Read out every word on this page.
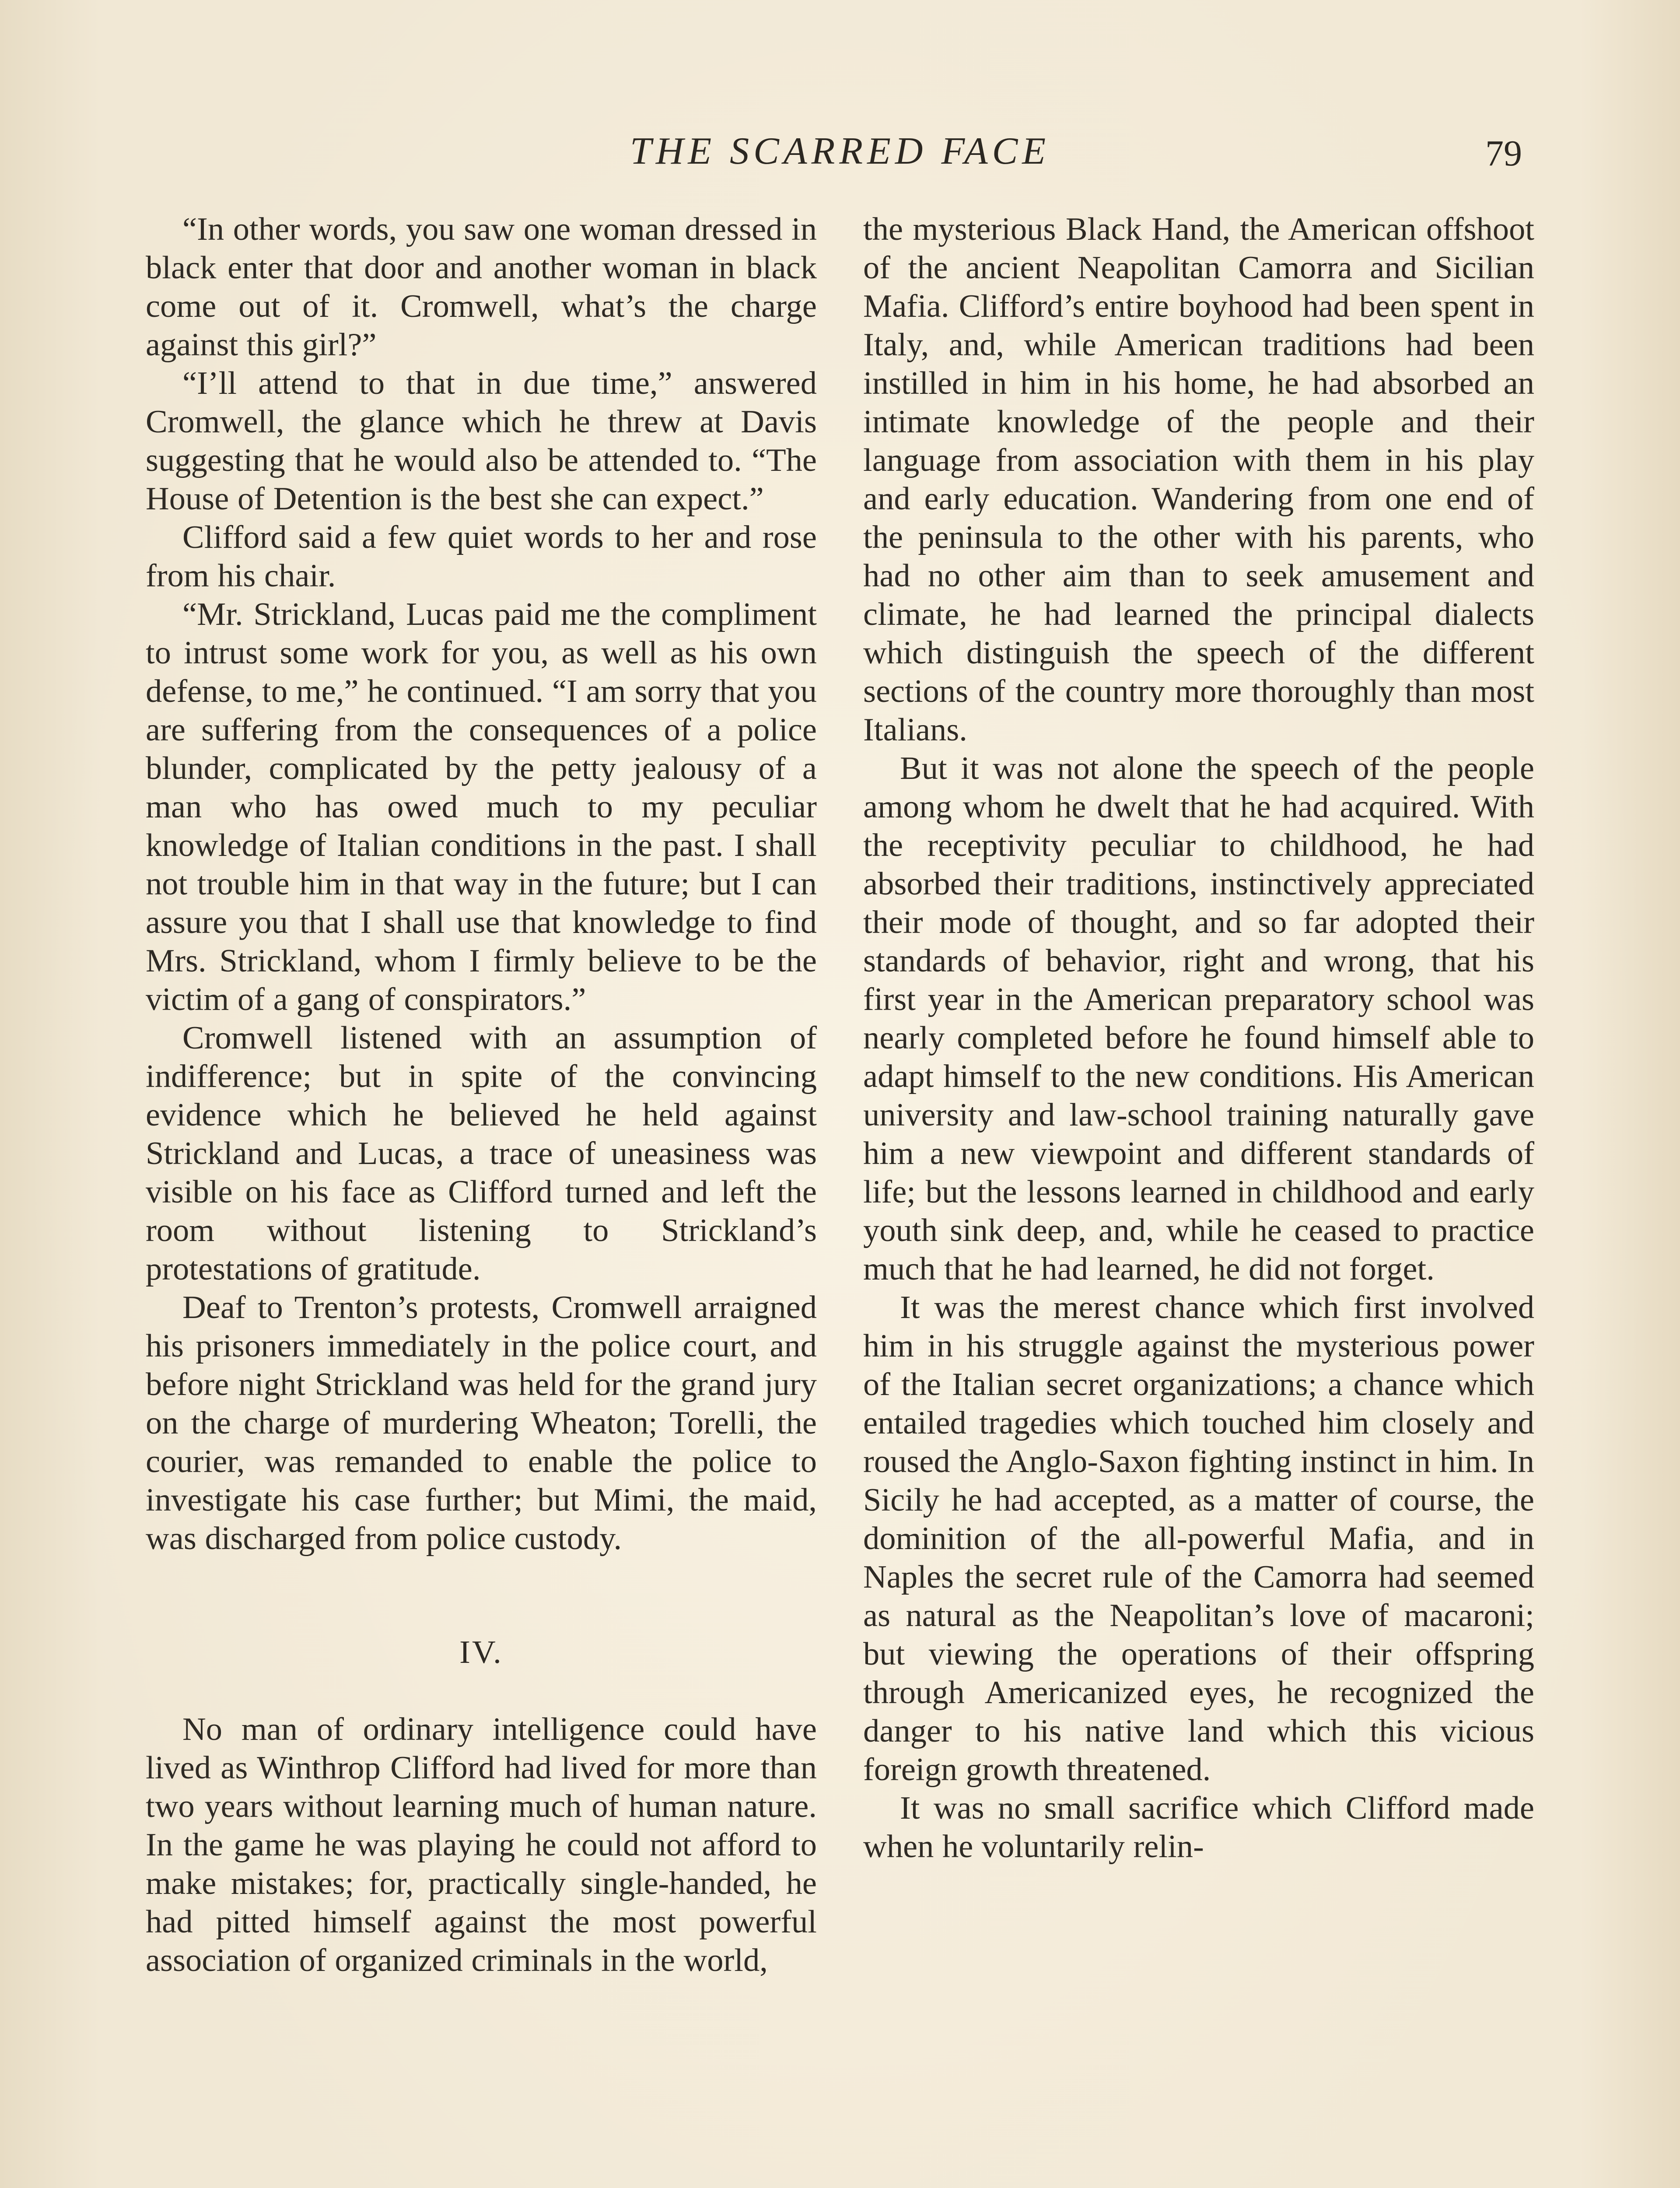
THE SCARRED FACE	79

“In other words, you saw one woman dressed in black enter that door and another woman in black come out of it. Cromwell, what’s the charge against this girl?”

“I’ll attend to that in due time,” answered Cromwell, the glance which he threw at Davis suggesting that he would also be attended to. “The House of Detention is the best she can expect.”

Clifford said a few quiet words to her and rose from his chair.

“Mr. Strickland, Lucas paid me the compliment to intrust some work for you, as well as his own defense, to me,” he continued. “I am sorry that you are suffering from the consequences of a police blunder, complicated by the petty jealousy of a man who has owed much to my peculiar knowledge of Italian conditions in the past. I shall not trouble him in that way in the future; but I can assure you that I shall use that knowledge to find Mrs. Strickland, whom I firmly believe to be the victim of a gang of conspirators.”

Cromwell listened with an assumption of indifference; but in spite of the convincing evidence which he believed he held against Strickland and Lucas, a trace of uneasiness was visible on his face as Clifford turned and left the room without listening to Strickland’s protestations of gratitude.

Deaf to Trenton’s protests, Cromwell arraigned his prisoners immediately in the police court, and before night Strickland was held for the grand jury on the charge of murdering Wheaton; Torelli, the courier, was remanded to enable the police to investigate his case further; but Mimi, the maid, was discharged from police custody.

IV.

No man of ordinary intelligence could have lived as Winthrop Clifford had lived for more than two years without learning much of human nature. In the game he was playing he could not afford to make mistakes; for, practically single-handed, he had pitted himself against the most powerful association of organized criminals in the world,

the mysterious Black Hand, the American offshoot of the ancient Neapolitan Camorra and Sicilian Mafia. Clifford’s entire boyhood had been spent in Italy, and, while American traditions had been instilled in him in his home, he had absorbed an intimate knowledge of the people and their language from association with them in his play and early education. Wandering from one end of the peninsula to the other with his parents, who had no other aim than to seek amusement and climate, he had learned the principal dialects which distinguish the speech of the different sections of the country more thoroughly than most Italians.

But it was not alone the speech of the people among whom he dwelt that he had acquired. With the receptivity peculiar to childhood, he had absorbed their traditions, instinctively appreciated their mode of thought, and so far adopted their standards of behavior, right and wrong, that his first year in the American preparatory school was nearly completed before he found himself able to adapt himself to the new conditions. His American university and law-school training naturally gave him a new viewpoint and different standards of life; but the lessons learned in childhood and early youth sink deep, and, while he ceased to practice much that he had learned, he did not forget.

It was the merest chance which first involved him in his struggle against the mysterious power of the Italian secret organizations; a chance which entailed tragedies which touched him closely and roused the Anglo-Saxon fighting instinct in him. In Sicily he had accepted, as a matter of course, the dominition of the all-powerful Mafia, and in Naples the secret rule of the Camorra had seemed as natural as the Neapolitan’s love of macaroni; but viewing the operations of their offspring through Americanized eyes, he recognized the danger to his native land which this vicious foreign growth threatened.

It was no small sacrifice which Clifford made when he voluntarily relin-
